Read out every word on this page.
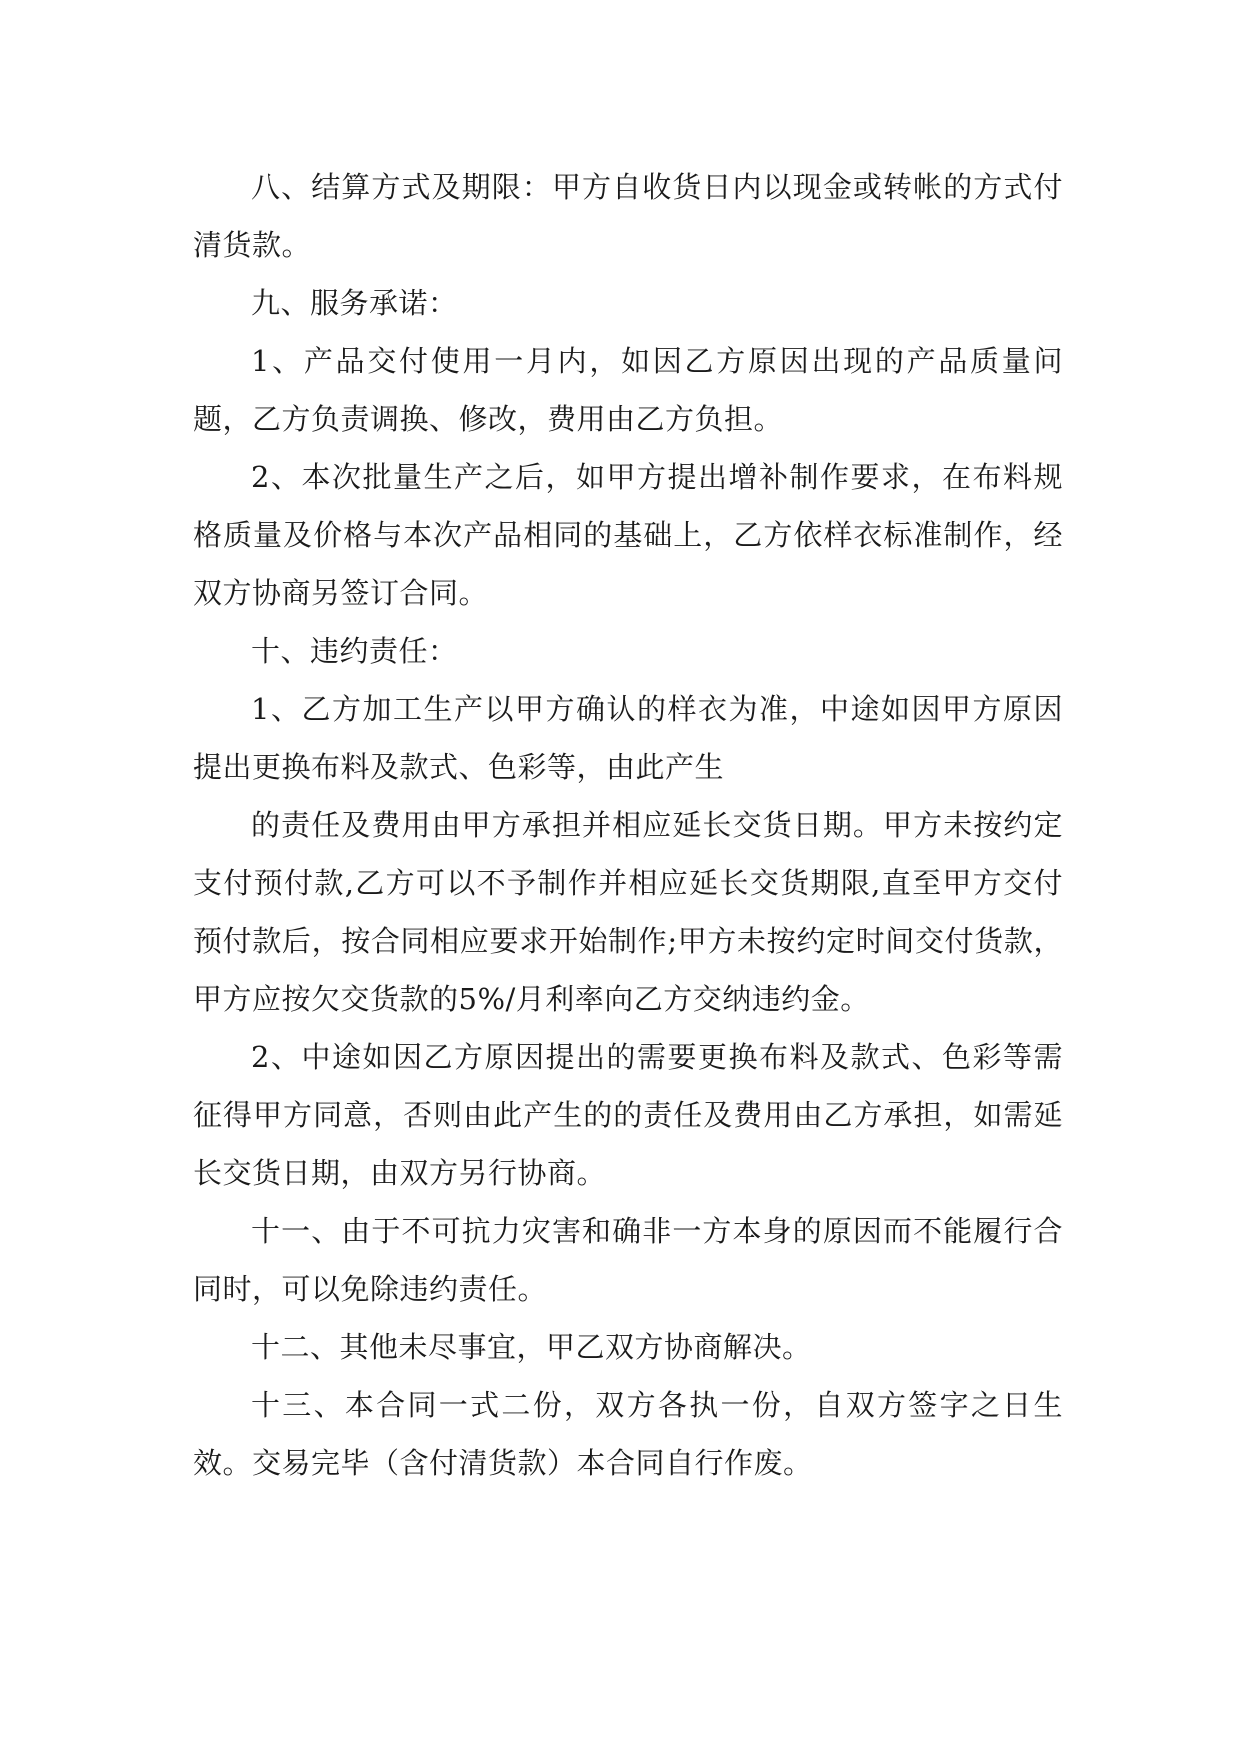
八、结算方式及期限：甲方自收货日内以现金或转帐的方式付清货款。

九、服务承诺：

1、产品交付使用一月内，如因乙方原因出现的产品质量问题，乙方负责调换、修改，费用由乙方负担。

2、本次批量生产之后，如甲方提出增补制作要求，在布料规格质量及价格与本次产品相同的基础上，乙方依样衣标准制作，经双方协商另签订合同。

十、违约责任：

1、乙方加工生产以甲方确认的样衣为准，中途如因甲方原因提出更换布料及款式、色彩等，由此产生

的责任及费用由甲方承担并相应延长交货日期。甲方未按约定支付预付款,乙方可以不予制作并相应延长交货期限,直至甲方交付预付款后，按合同相应要求开始制作;甲方未按约定时间交付货款，甲方应按欠交货款的5%/月利率向乙方交纳违约金。

2、中途如因乙方原因提出的需要更换布料及款式、色彩等需征得甲方同意，否则由此产生的的责任及费用由乙方承担，如需延长交货日期，由双方另行协商。

十一、由于不可抗力灾害和确非一方本身的原因而不能履行合同时，可以免除违约责任。

十二、其他未尽事宜，甲乙双方协商解决。

十三、本合同一式二份，双方各执一份，自双方签字之日生效。交易完毕（含付清货款）本合同自行作废。
